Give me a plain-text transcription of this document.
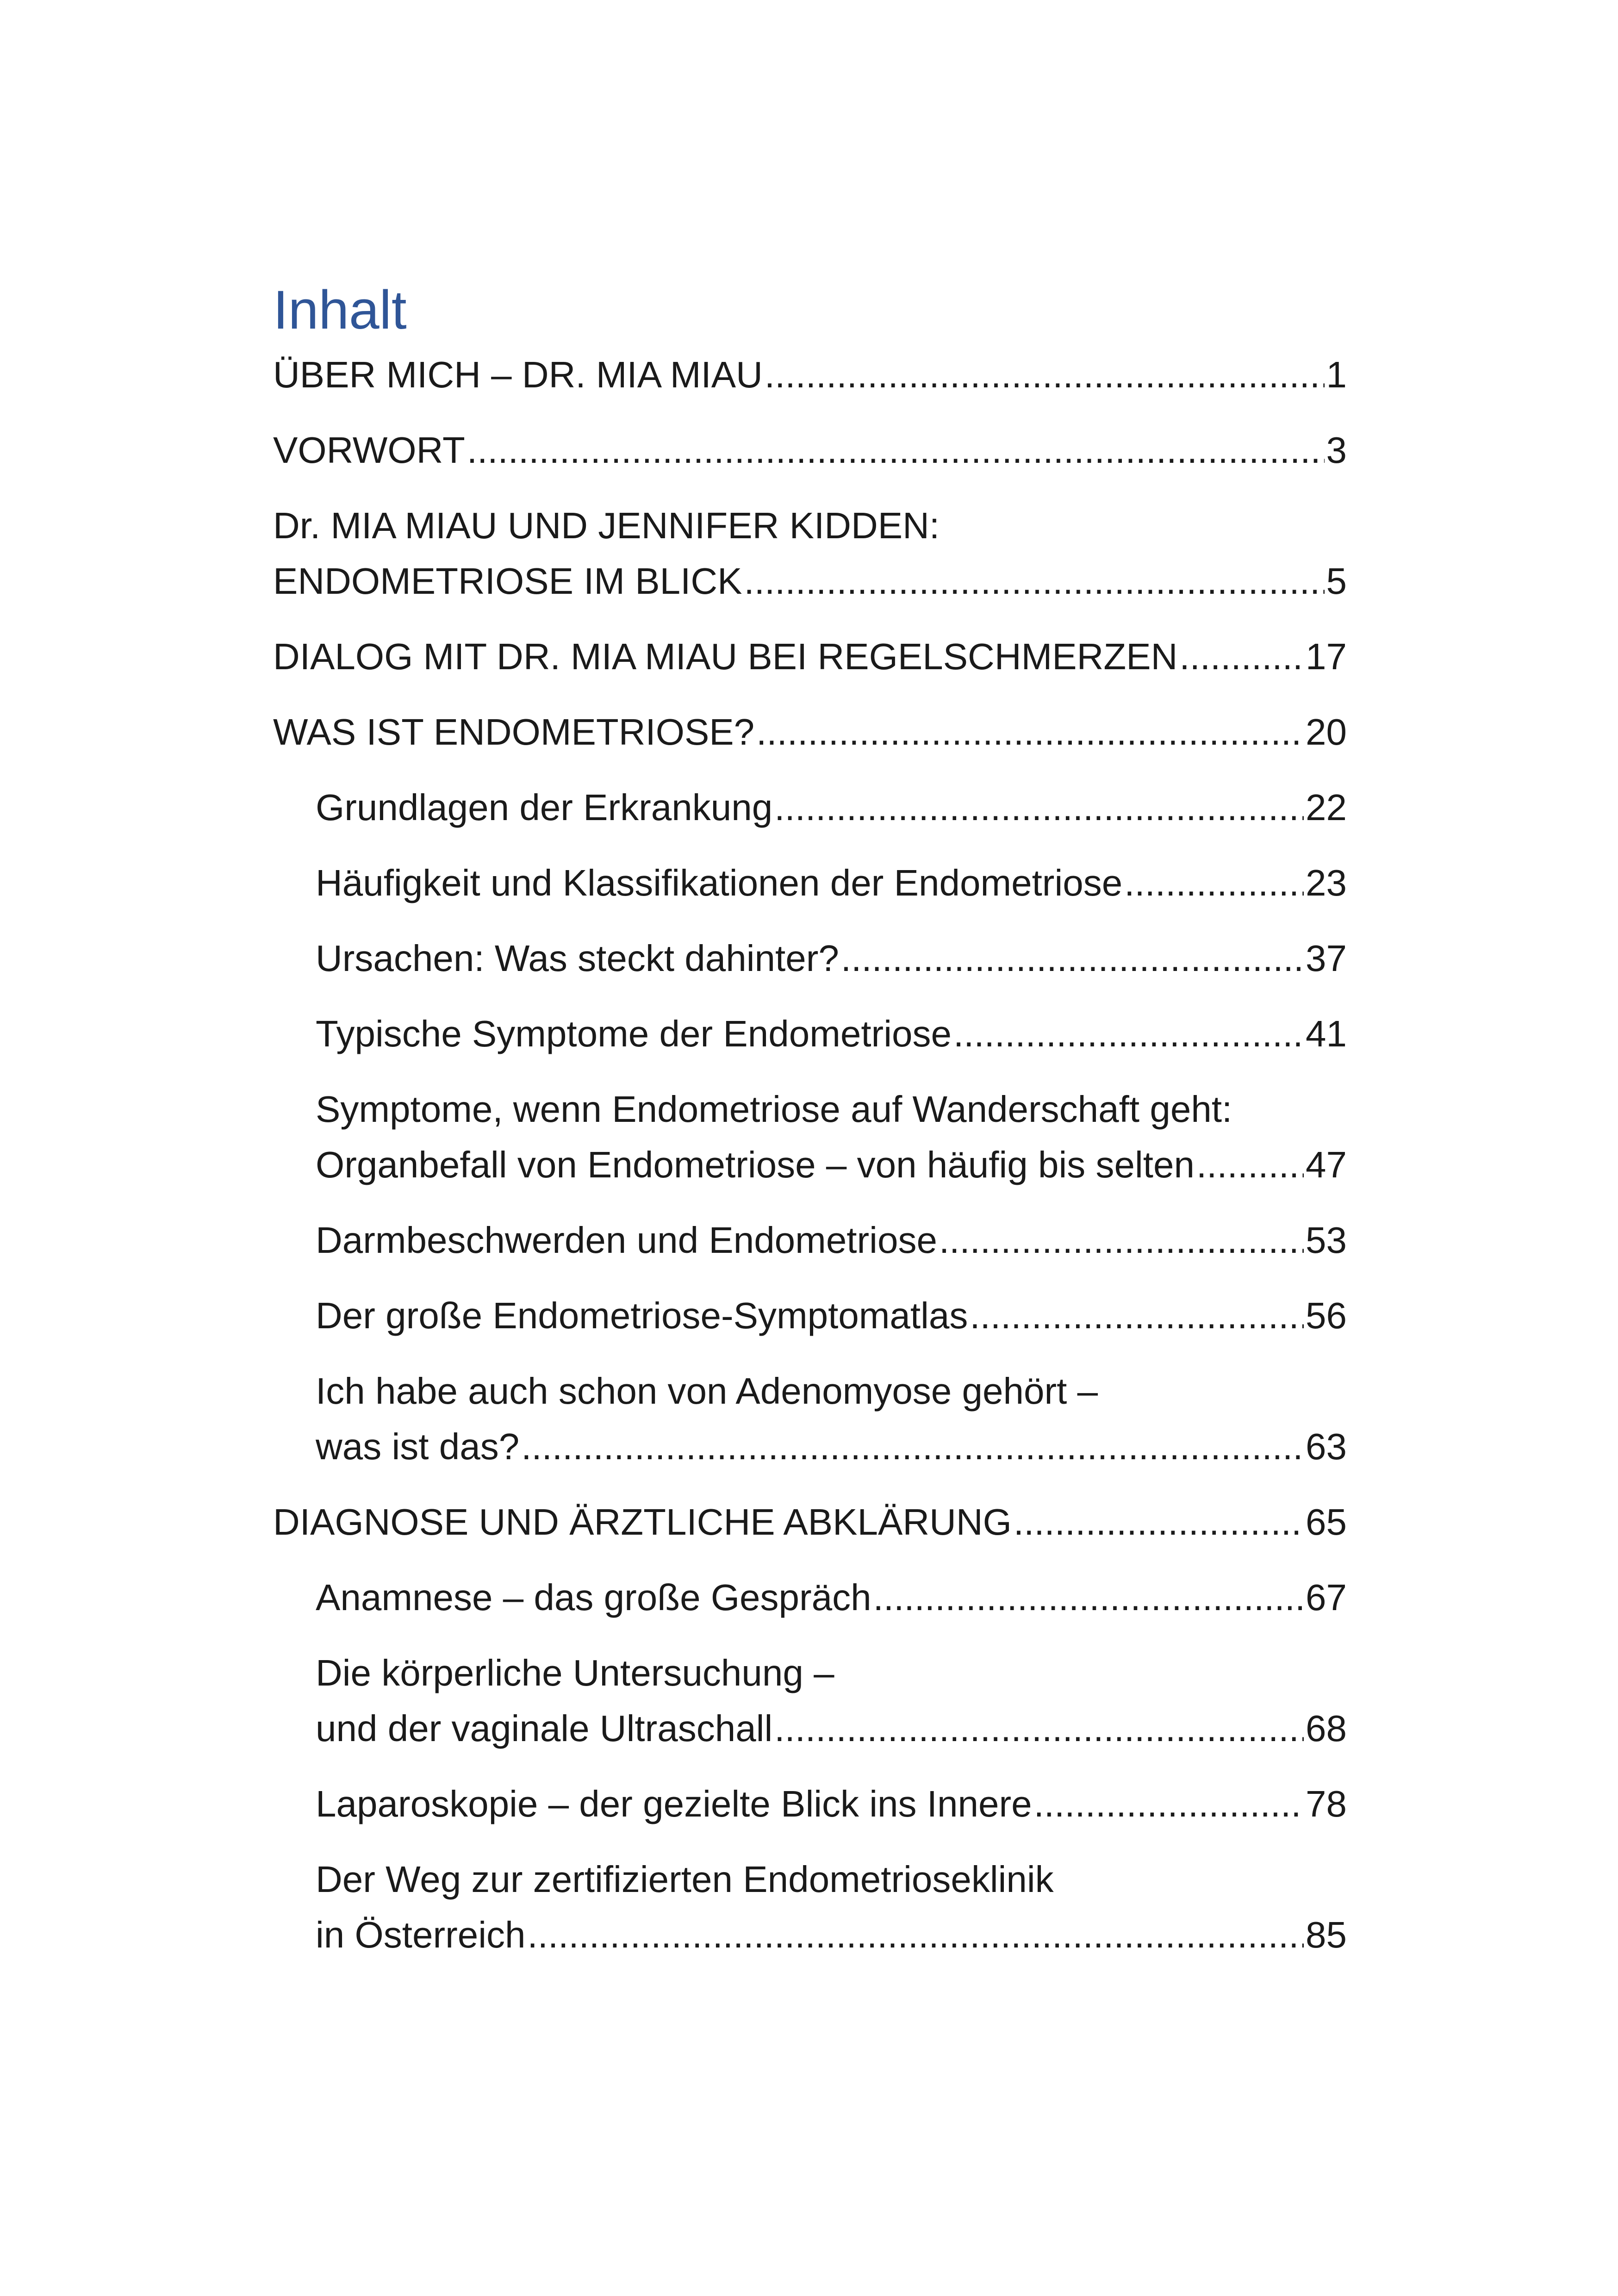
Inhalt
ÜBER MICH – DR. MIA MIAU .....	1
VORWORT .....	3
Dr. MIA MIAU UND JENNIFER KIDDEN:
ENDOMETRIOSE IM BLICK .....	5
DIALOG MIT DR. MIA MIAU BEI REGELSCHMERZEN .....	17
WAS IST ENDOMETRIOSE? .....	20
Grundlagen der Erkrankung .....	22
Häufigkeit und Klassifikationen der Endometriose .....	23
Ursachen: Was steckt dahinter? .....	37
Typische Symptome der Endometriose .....	41
Symptome, wenn Endometriose auf Wanderschaft geht:
Organbefall von Endometriose – von häufig bis selten .....	47
Darmbeschwerden und Endometriose .....	53
Der große Endometriose-Symptomatlas .....	56
Ich habe auch schon von Adenomyose gehört –
was ist das? .....	63
DIAGNOSE UND ÄRZTLICHE ABKLÄRUNG .....	65
Anamnese – das große Gespräch .....	67
Die körperliche Untersuchung –
und der vaginale Ultraschall .....	68
Laparoskopie – der gezielte Blick ins Innere .....	78
Der Weg zur zertifizierten Endometrioseklinik
in Österreich .....	85
